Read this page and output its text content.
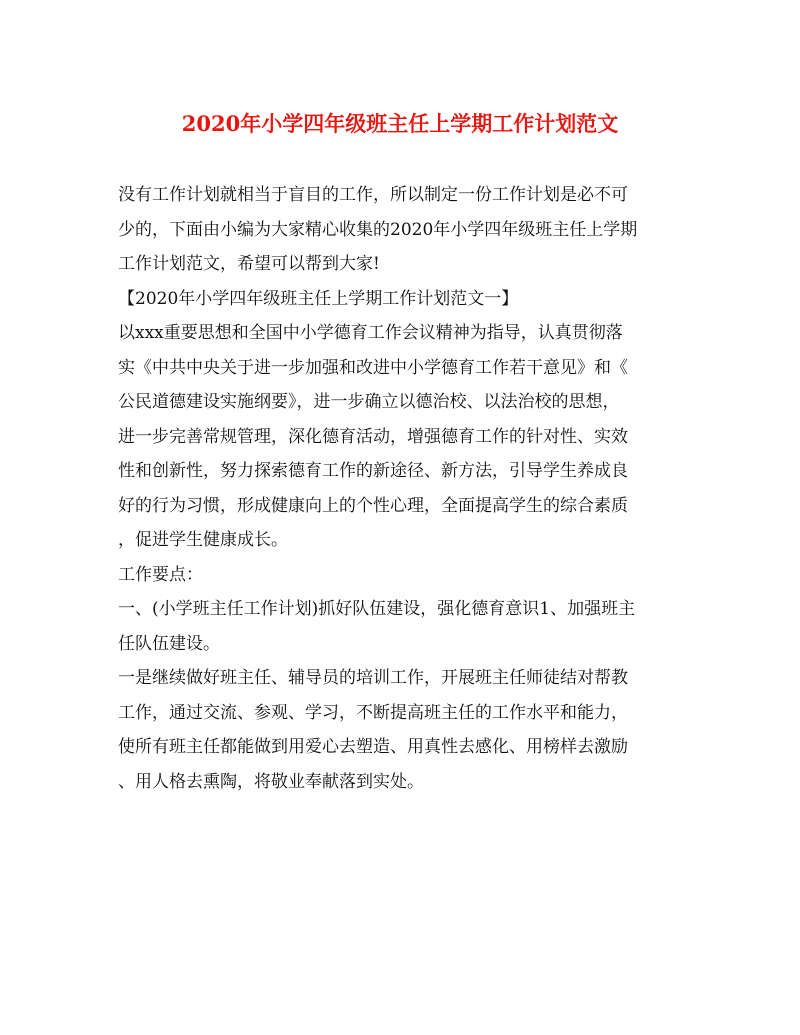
2020年小学四年级班主任上学期工作计划范文

没有工作计划就相当于盲目的工作，所以制定一份工作计划是必不可

少的，下面由小编为大家精心收集的2020年小学四年级班主任上学期

工作计划范文，希望可以帮到大家!

【2020年小学四年级班主任上学期工作计划范文一】

以xxx重要思想和全国中小学德育工作会议精神为指导，认真贯彻落

实《中共中央关于进一步加强和改进中小学德育工作若干意见》和《

公民道德建设实施纲要》，进一步确立以德治校、以法治校的思想，

进一步完善常规管理，深化德育活动，增强德育工作的针对性、实效

性和创新性，努力探索德育工作的新途径、新方法，引导学生养成良

好的行为习惯，形成健康向上的个性心理，全面提高学生的综合素质

，促进学生健康成长。

工作要点：

一、(小学班主任工作计划)抓好队伍建设，强化德育意识1、加强班主

任队伍建设。

一是继续做好班主任、辅导员的培训工作，开展班主任师徒结对帮教

工作，通过交流、参观、学习，不断提高班主任的工作水平和能力，

使所有班主任都能做到用爱心去塑造、用真性去感化、用榜样去激励

、用人格去熏陶，将敬业奉献落到实处。
